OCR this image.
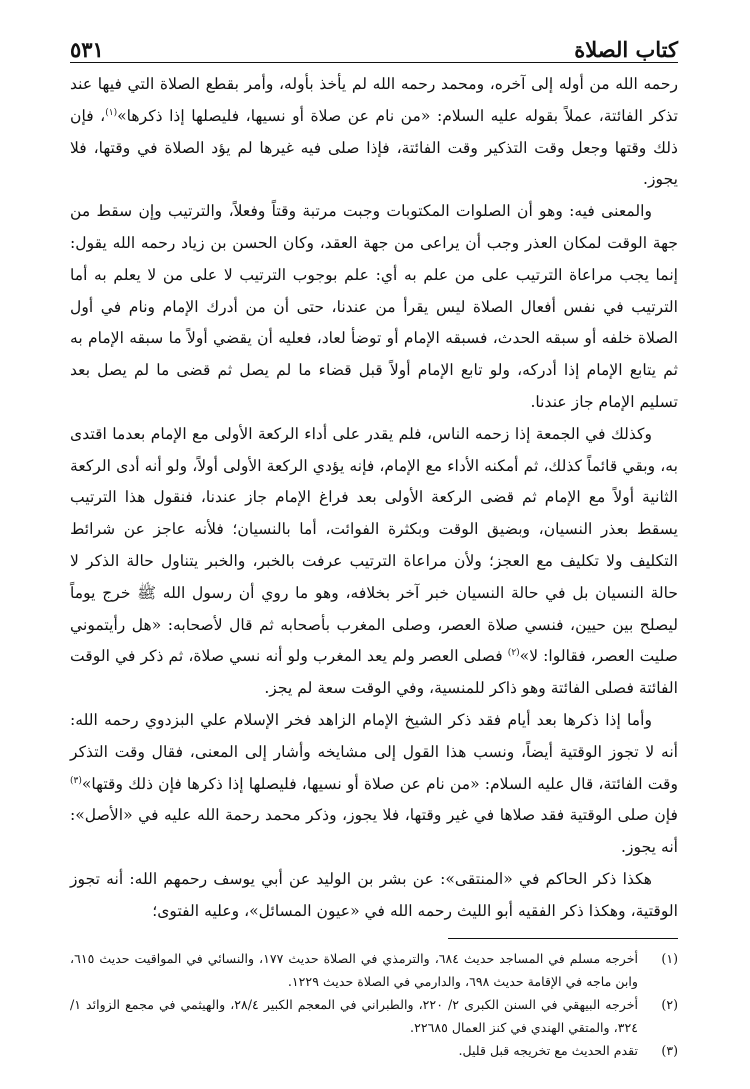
كتاب الصلاة
٥٣١

رحمه الله من أوله إلى آخره، ومحمد رحمه الله لم يأخذ بأوله، وأمر بقطع الصلاة التي فيها عند تذكر الفائتة، عملاً بقوله عليه السلام: «من نام عن صلاة أو نسيها، فليصلها إذا ذكرها»$^{(١)}$، فإن ذلك وقتها وجعل وقت التذكير وقت الفائتة، فإذا صلى فيه غيرها لم يؤد الصلاة في وقتها، فلا يجوز.

والمعنى فيه: وهو أن الصلوات المكتوبات وجبت مرتبة وقتاً وفعلاً، والترتيب وإن سقط من جهة الوقت لمكان العذر وجب أن يراعى من جهة العقد، وكان الحسن بن زياد رحمه الله يقول: إنما يجب مراعاة الترتيب على من علم به أي: علم بوجوب الترتيب لا على من لا يعلم به أما الترتيب في نفس أفعال الصلاة ليس يقرأ من عندنا، حتى أن من أدرك الإمام ونام في أول الصلاة خلفه أو سبقه الحدث، فسبقه الإمام أو توضأ لعاد، فعليه أن يقضي أولاً ما سبقه الإمام به ثم يتابع الإمام إذا أدركه، ولو تابع الإمام أولاً قبل قضاء ما لم يصل ثم قضى ما لم يصل بعد تسليم الإمام جاز عندنا.

وكذلك في الجمعة إذا زحمه الناس، فلم يقدر على أداء الركعة الأولى مع الإمام بعدما اقتدى به، وبقي قائماً كذلك، ثم أمكنه الأداء مع الإمام، فإنه يؤدي الركعة الأولى أولاً، ولو أنه أدى الركعة الثانية أولاً مع الإمام ثم قضى الركعة الأولى بعد فراغ الإمام جاز عندنا، فنقول هذا الترتيب يسقط بعذر النسيان، وبضيق الوقت وبكثرة الفوائت، أما بالنسيان؛ فلأنه عاجز عن شرائط التكليف ولا تكليف مع العجز؛ ولأن مراعاة الترتيب عرفت بالخبر، والخبر يتناول حالة الذكر لا حالة النسيان بل في حالة النسيان خبر آخر بخلافه، وهو ما روي أن رسول الله ﷺ خرج يوماً ليصلح بين حيين، فنسي صلاة العصر، وصلى المغرب بأصحابه ثم قال لأصحابه: «هل رأيتموني صليت العصر، فقالوا: لا»$^{(٢)}$ فصلى العصر ولم يعد المغرب ولو أنه نسي صلاة، ثم ذكر في الوقت الفائتة فصلى الفائتة وهو ذاكر للمنسية، وفي الوقت سعة لم يجز.

وأما إذا ذكرها بعد أيام فقد ذكر الشيخ الإمام الزاهد فخر الإسلام علي البزدوي رحمه الله: أنه لا تجوز الوقتية أيضاً، ونسب هذا القول إلى مشايخه وأشار إلى المعنى، فقال وقت التذكر وقت الفائتة، قال عليه السلام: «من نام عن صلاة أو نسيها، فليصلها إذا ذكرها فإن ذلك وقتها»$^{(٣)}$ فإن صلى الوقتية فقد صلاها في غير وقتها، فلا يجوز، وذكر محمد رحمة الله عليه في «الأصل»: أنه يجوز.

هكذا ذكر الحاكم في «المنتقى»: عن بشر بن الوليد عن أبي يوسف رحمهم الله: أنه تجوز الوقتية، وهكذا ذكر الفقيه أبو الليث رحمه الله في «عيون المسائل»، وعليه الفتوى؛

(١)
أخرجه مسلم في المساجد حديث ٦٨٤، والترمذي في الصلاة حديث ١٧٧، والنسائي في المواقيت حديث ٦١٥، وابن ماجه في الإقامة حديث ٦٩٨، والدارمي في الصلاة حديث ١٢٢٩.
(٢)
أخرجه البيهقي في السنن الكبرى ٢/ ٢٢٠، والطبراني في المعجم الكبير ٢٨/٤، والهيثمي في مجمع الزوائد ١/ ٣٢٤، والمتقي الهندي في كنز العمال ٢٢٦٨٥.
(٣)
تقدم الحديث مع تخريجه قبل قليل.
